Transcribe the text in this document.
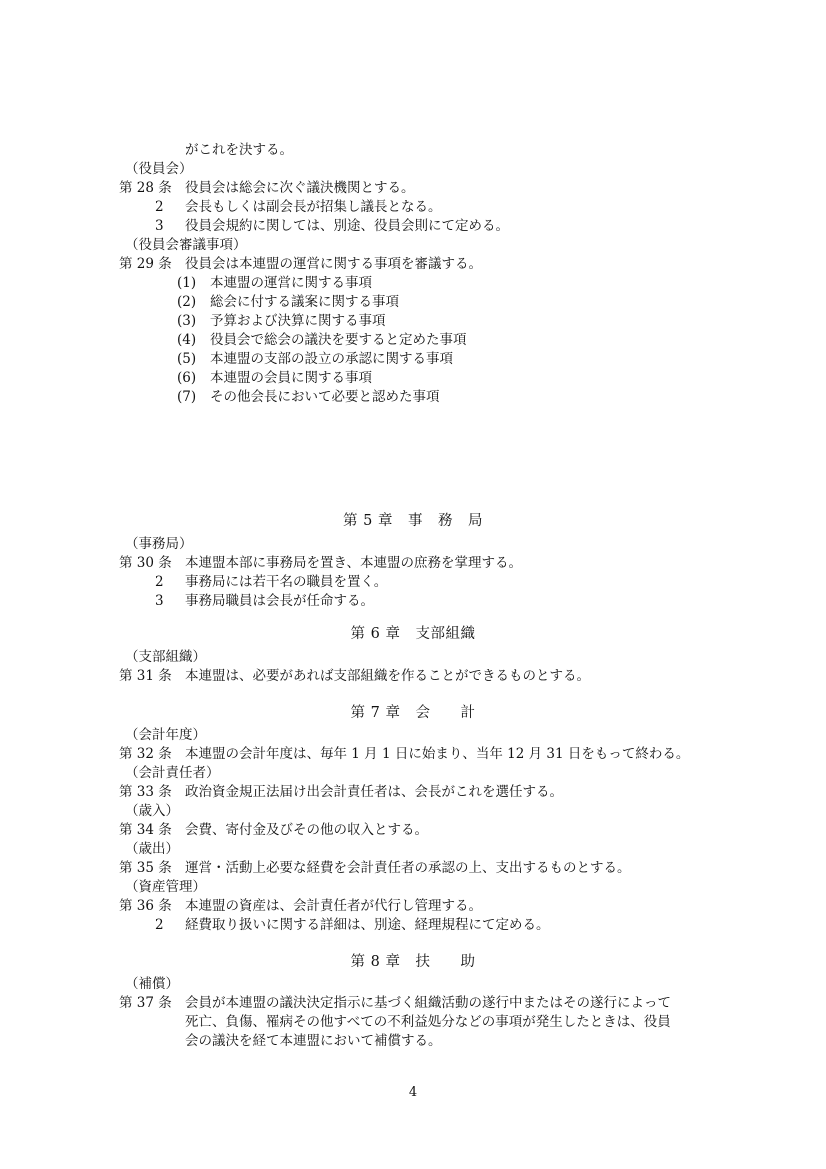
がこれを決する。
（役員会）
第 28 条 役員会は総会に次ぐ議決機関とする。
2 会長もしくは副会長が招集し議長となる。
3 役員会規約に関しては、別途、役員会則にて定める。
（役員会審議事項）
第 29 条 役員会は本連盟の運営に関する事項を審議する。
(1) 本連盟の運営に関する事項
(2) 総会に付する議案に関する事項
(3) 予算および決算に関する事項
(4) 役員会で総会の議決を要すると定めた事項
(5) 本連盟の支部の設立の承認に関する事項
(6) 本連盟の会員に関する事項
(7) その他会長において必要と認めた事項
第 5 章　事　務　局
（事務局）
第 30 条 本連盟本部に事務局を置き、本連盟の庶務を掌理する。
2 事務局には若干名の職員を置く。
3 事務局職員は会長が任命する。
第 6 章　支部組織
（支部組織）
第 31 条 本連盟は、必要があれば支部組織を作ることができるものとする。
第 7 章　会　　計
（会計年度）
第 32 条 本連盟の会計年度は、毎年 1 月 1 日に始まり、当年 12 月 31 日をもって終わる。
（会計責任者）
第 33 条 政治資金規正法届け出会計責任者は、会長がこれを選任する。
（歳入）
第 34 条 会費、寄付金及びその他の収入とする。
（歳出）
第 35 条 運営・活動上必要な経費を会計責任者の承認の上、支出するものとする。
（資産管理）
第 36 条 本連盟の資産は、会計責任者が代行し管理する。
2 経費取り扱いに関する詳細は、別途、経理規程にて定める。
第 8 章　扶　　助
（補償）
第 37 条 会員が本連盟の議決決定指示に基づく組織活動の遂行中またはその遂行によって
死亡、負傷、罹病その他すべての不利益処分などの事項が発生したときは、役員
会の議決を経て本連盟において補償する。
4
